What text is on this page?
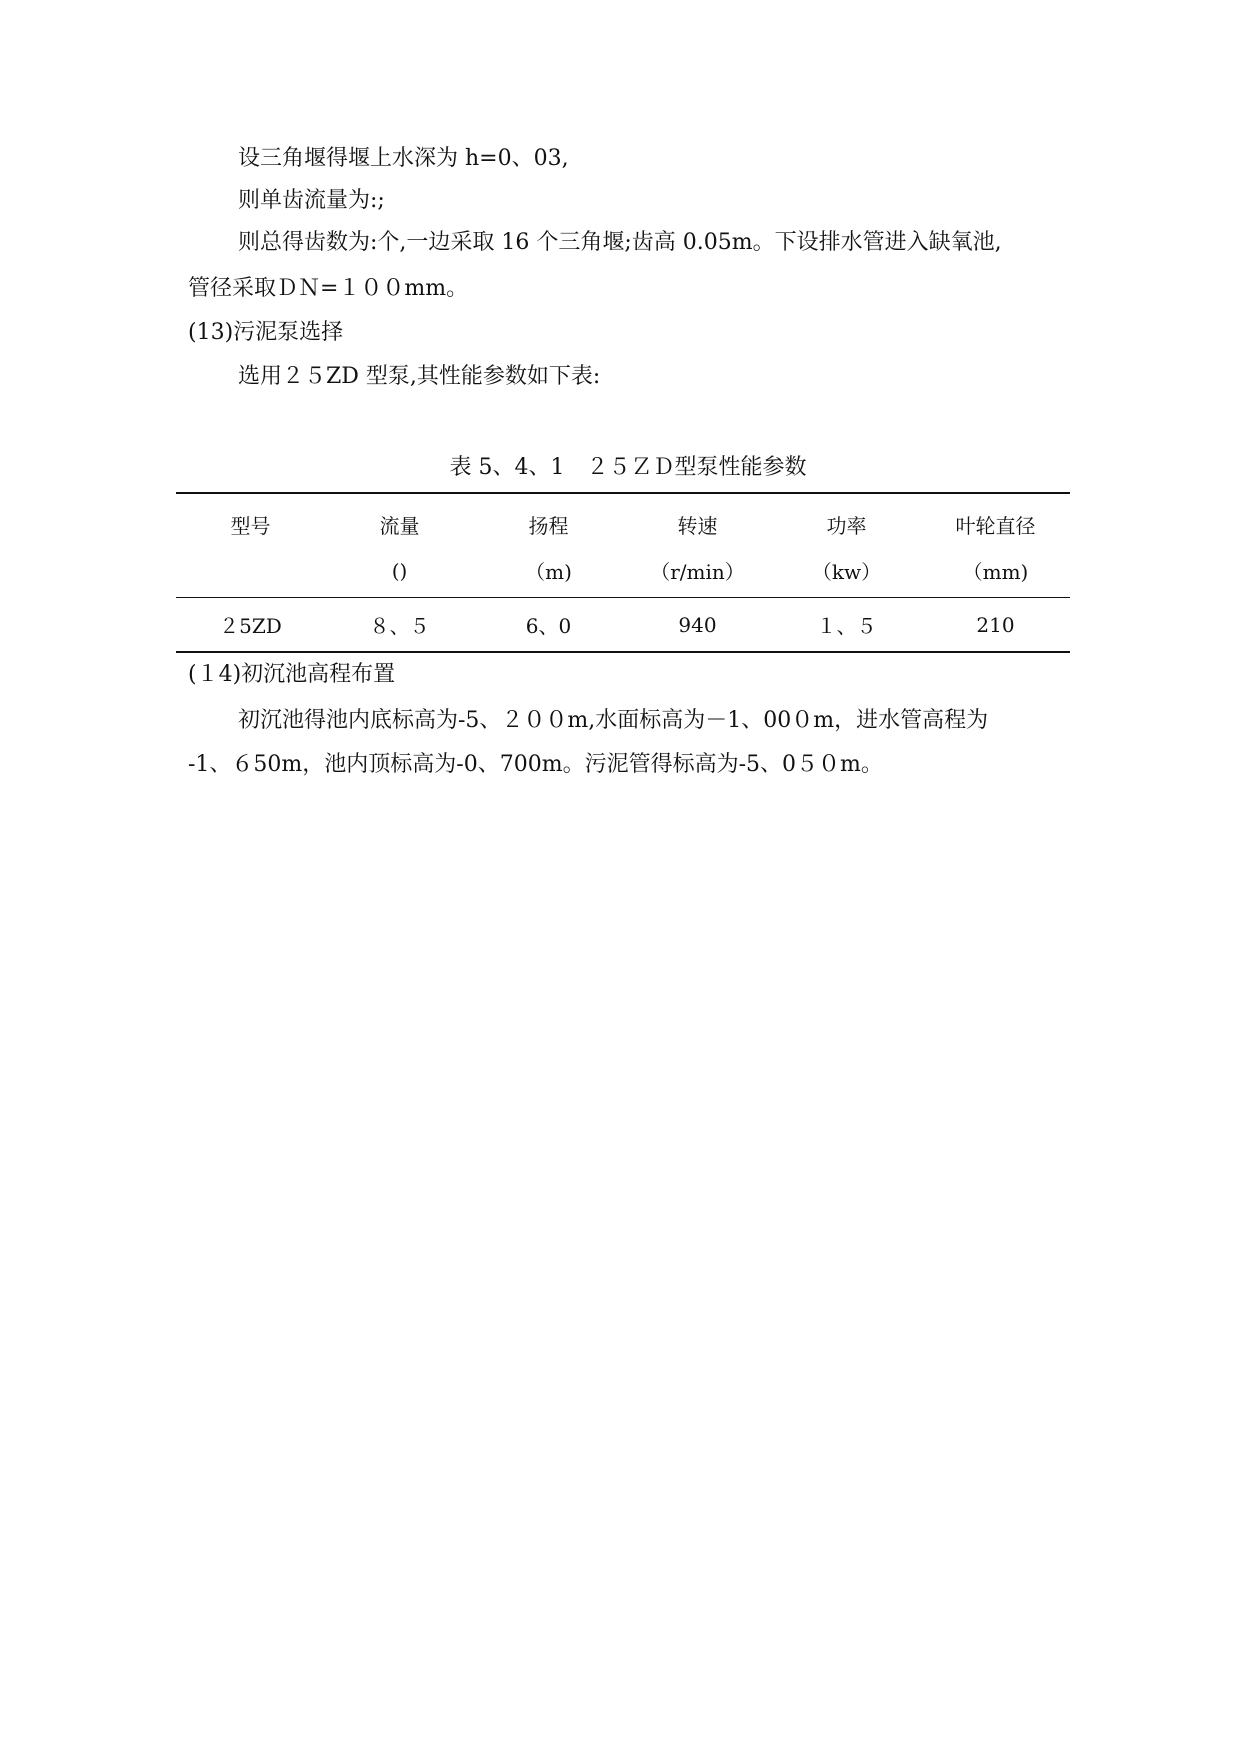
设三角堰得堰上水深为 h=0、03,
则单齿流量为:;
则总得齿数为:个,一边采取 16 个三角堰;齿高 0.05m。下设排水管进入缺氧池,
管径采取ＤＮ=１００mm。
(13)污泥泵选择
选用２５ZD 型泵,其性能参数如下表:
表 5、4、1　２５ＺＤ型泵性能参数
型号	流量	扬程	转速	功率	叶轮直径
	()	（m)	（r/min）	（kw）	（mm)
２5ZD	８、５	6、0	940	１、５	210
(１4)初沉池高程布置
初沉池得池内底标高为-5、２００m,水面标高为－1、00０m，进水管高程为
-1、６50m，池内顶标高为-0、700m。污泥管得标高为-5、0５０m。
